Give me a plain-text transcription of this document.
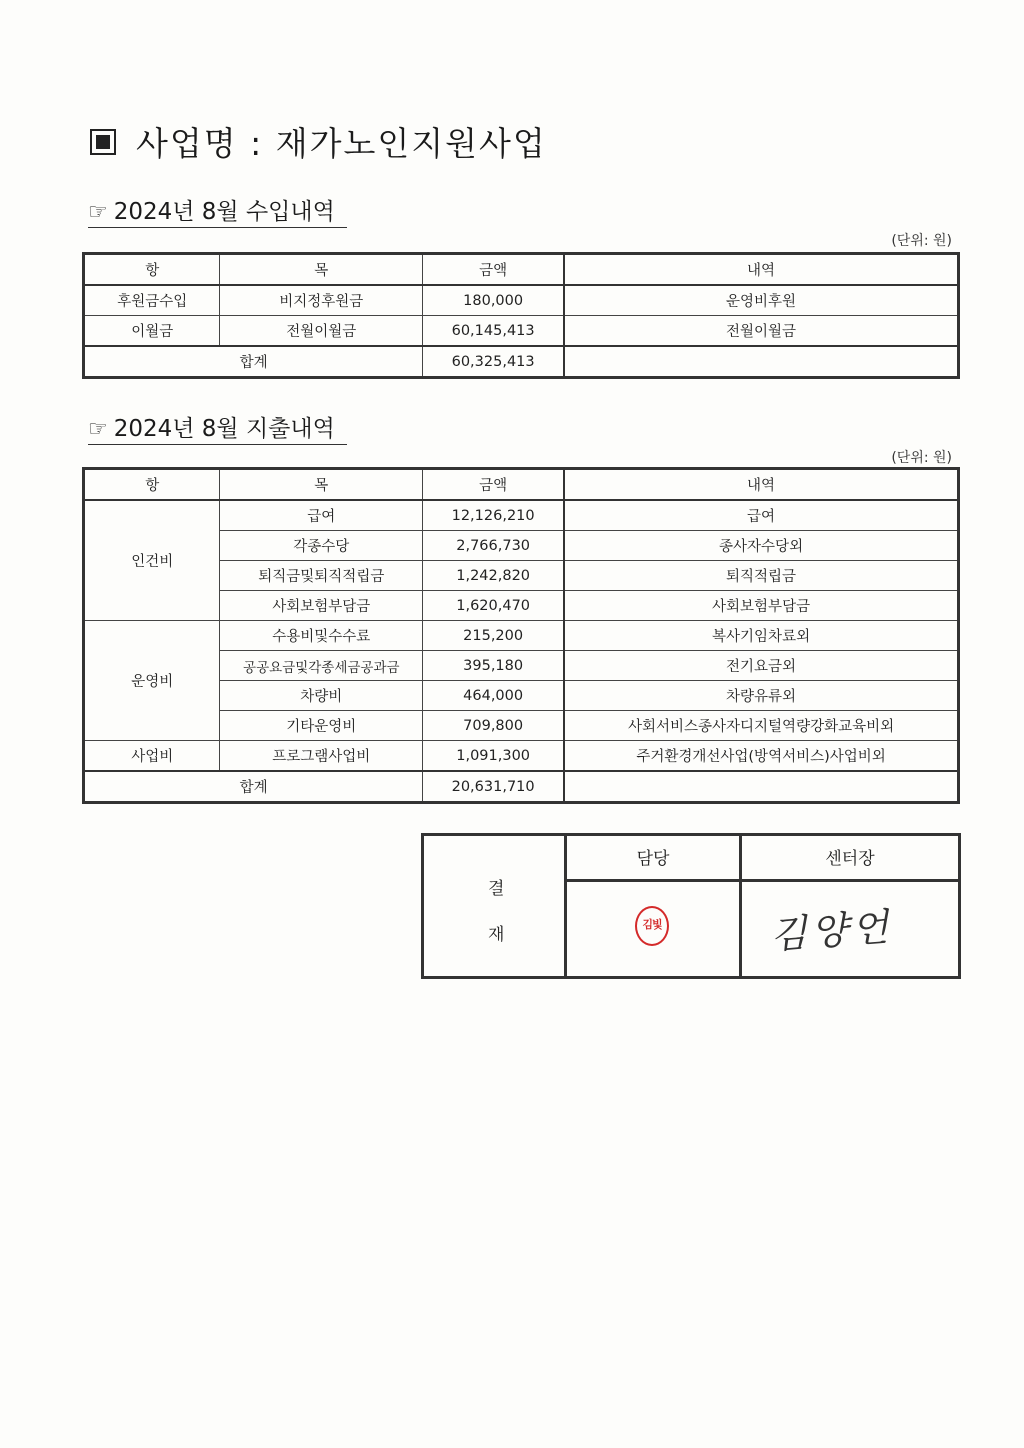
사업명 : 재가노인지원사업
☞ 2024년 8월 수입내역
(단위: 원)
항	목	금액	내역
후원금수입	비지정후원금	180,000	운영비후원
이월금	전월이월금	60,145,413	전월이월금
합계		60,325,413	
☞ 2024년 8월 지출내역
(단위: 원)
항	목	금액	내역
인건비	급여	12,126,210	급여
	각종수당	2,766,730	종사자수당외
	퇴직금및퇴직적립금	1,242,820	퇴직적립금
	사회보험부담금	1,620,470	사회보험부담금
운영비	수용비및수수료	215,200	복사기임차료외
	공공요금및각종세금공과금	395,180	전기요금외
	차량비	464,000	차량유류외
	기타운영비	709,800	사회서비스종사자디지털역량강화교육비외
사업비	프로그램사업비	1,091,300	주거환경개선사업(방역서비스)사업비외
합계		20,631,710	
결
재
담당	센터장
김빛	김양언
